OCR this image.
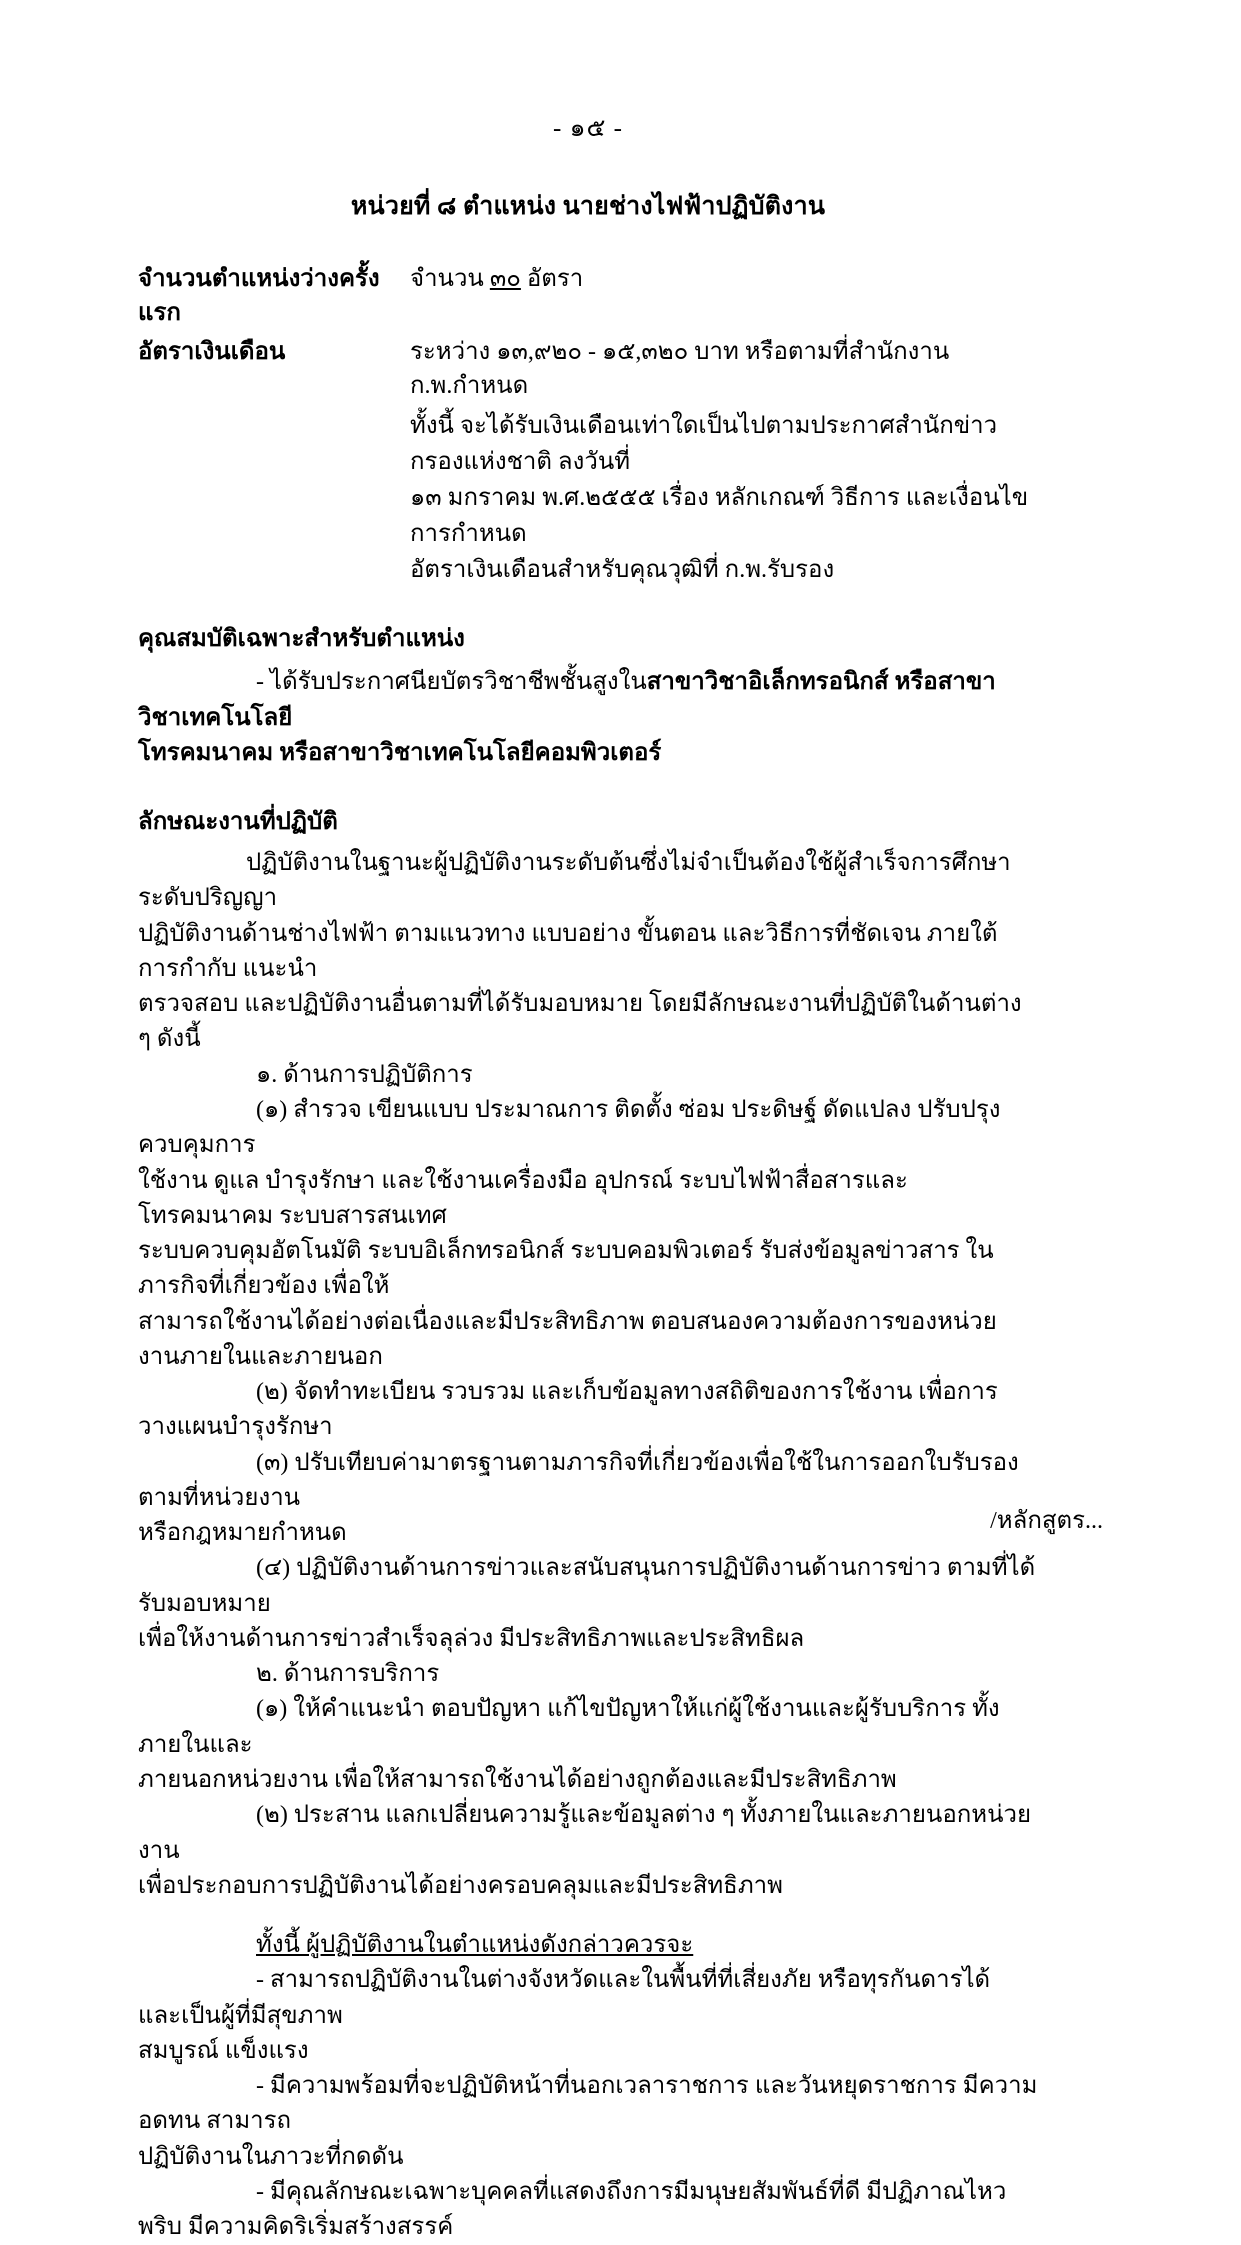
- ๑๕ -
หน่วยที่ ๘ ตำแหน่ง นายช่างไฟฟ้าปฏิบัติงาน
จำนวนตำแหน่งว่างครั้งแรก
จำนวน ๓๐ อัตรา
อัตราเงินเดือน	ระหว่าง ๑๓,๙๒๐ - ๑๕,๓๒๐ บาท หรือตามที่สำนักงาน ก.พ.กำหนด

ทั้งนี้ จะได้รับเงินเดือนเท่าใดเป็นไปตามประกาศสำนักข่าวกรองแห่งชาติ ลงวันที่

๑๓ มกราคม พ.ศ.๒๕๕๕ เรื่อง หลักเกณฑ์ วิธีการ และเงื่อนไขการกำหนด

อัตราเงินเดือนสำหรับคุณวุฒิที่ ก.พ.รับรอง

คุณสมบัติเฉพาะสำหรับตำแหน่ง

- ได้รับประกาศนียบัตรวิชาชีพชั้นสูงในสาขาวิชาอิเล็กทรอนิกส์ หรือสาขาวิชาเทคโนโลยี

โทรคมนาคม หรือสาขาวิชาเทคโนโลยีคอมพิวเตอร์

ลักษณะงานที่ปฏิบัติ

ปฏิบัติงานในฐานะผู้ปฏิบัติงานระดับต้นซึ่งไม่จำเป็นต้องใช้ผู้สำเร็จการศึกษาระดับปริญญา

ปฏิบัติงานด้านช่างไฟฟ้า ตามแนวทาง แบบอย่าง ขั้นตอน และวิธีการที่ชัดเจน ภายใต้การกำกับ แนะนำ

ตรวจสอบ และปฏิบัติงานอื่นตามที่ได้รับมอบหมาย โดยมีลักษณะงานที่ปฏิบัติในด้านต่าง ๆ ดังนี้

๑. ด้านการปฏิบัติการ

(๑) สำรวจ เขียนแบบ ประมาณการ ติดตั้ง ซ่อม ประดิษฐ์ ดัดแปลง ปรับปรุง ควบคุมการ

ใช้งาน ดูแล บำรุงรักษา และใช้งานเครื่องมือ อุปกรณ์ ระบบไฟฟ้าสื่อสารและโทรคมนาคม ระบบสารสนเทศ

ระบบควบคุมอัตโนมัติ ระบบอิเล็กทรอนิกส์ ระบบคอมพิวเตอร์ รับส่งข้อมูลข่าวสาร ในภารกิจที่เกี่ยวข้อง เพื่อให้

สามารถใช้งานได้อย่างต่อเนื่องและมีประสิทธิภาพ ตอบสนองความต้องการของหน่วยงานภายในและภายนอก

(๒) จัดทำทะเบียน รวบรวม และเก็บข้อมูลทางสถิติของการใช้งาน เพื่อการวางแผนบำรุงรักษา

(๓) ปรับเทียบค่ามาตรฐานตามภารกิจที่เกี่ยวข้องเพื่อใช้ในการออกใบรับรองตามที่หน่วยงาน

หรือกฎหมายกำหนด

(๔) ปฏิบัติงานด้านการข่าวและสนับสนุนการปฏิบัติงานด้านการข่าว ตามที่ได้รับมอบหมาย

เพื่อให้งานด้านการข่าวสำเร็จลุล่วง มีประสิทธิภาพและประสิทธิผล

๒. ด้านการบริการ

(๑) ให้คำแนะนำ ตอบปัญหา แก้ไขปัญหาให้แก่ผู้ใช้งานและผู้รับบริการ ทั้งภายในและ

ภายนอกหน่วยงาน เพื่อให้สามารถใช้งานได้อย่างถูกต้องและมีประสิทธิภาพ

(๒) ประสาน แลกเปลี่ยนความรู้และข้อมูลต่าง ๆ ทั้งภายในและภายนอกหน่วยงาน

เพื่อประกอบการปฏิบัติงานได้อย่างครอบคลุมและมีประสิทธิภาพ

ทั้งนี้ ผู้ปฏิบัติงานในตำแหน่งดังกล่าวควรจะ

- สามารถปฏิบัติงานในต่างจังหวัดและในพื้นที่ที่เสี่ยงภัย หรือทุรกันดารได้ และเป็นผู้ที่มีสุขภาพ

สมบูรณ์ แข็งแรง

- มีความพร้อมที่จะปฏิบัติหน้าที่นอกเวลาราชการ และวันหยุดราชการ มีความอดทน สามารถ

ปฏิบัติงานในภาวะที่กดดัน

- มีคุณลักษณะเฉพาะบุคคลที่แสดงถึงการมีมนุษยสัมพันธ์ที่ดี มีปฏิภาณไหวพริบ มีความคิดริเริ่มสร้างสรรค์

/หลักสูตร...
